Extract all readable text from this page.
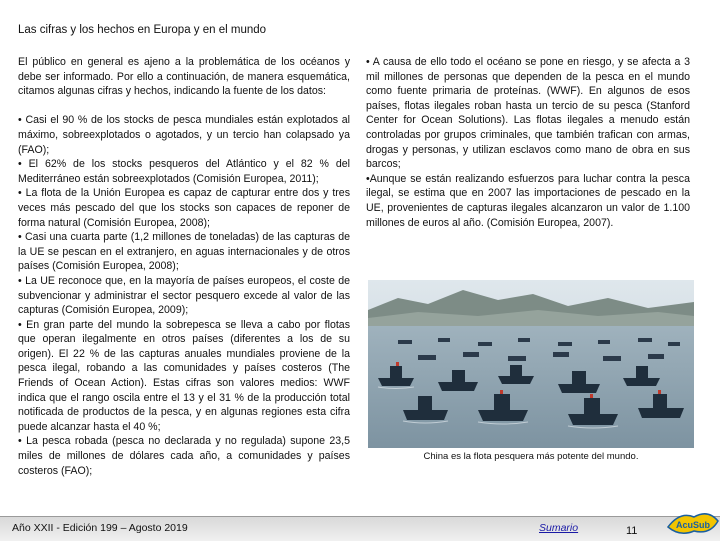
Las cifras y los hechos en Europa y en el mundo

El público en general es ajeno a la problemática de los océanos y debe ser informado. Por ello a continuación, de manera esquemática, citamos algunas cifras y hechos, indicando la fuente de los datos:

• Casi el 90 % de los stocks de pesca mundiales están explotados al máximo, sobreexplotados o agotados, y un tercio han colapsado ya (FAO);

• El 62% de los stocks pesqueros del Atlántico y el 82 % del Mediterráneo están sobreexplotados (Comisión Europea, 2011);

• La flota de la Unión Europea es capaz de capturar entre dos y tres veces más pescado del que los stocks son capaces de reponer de forma natural (Comisión Europea, 2008);

• Casi una cuarta parte (1,2 millones de toneladas) de las capturas de la UE se pescan en el extranjero, en aguas internacionales y de otros países (Comisión Europea, 2008);

• La UE reconoce que, en la mayoría de países europeos, el coste de subvencionar y administrar el sector pesquero excede al valor de las capturas (Comisión Europea, 2009);

• En gran parte del mundo la sobrepesca se lleva a cabo por flotas que operan ilegalmente en otros países (diferentes a los de su origen). El 22 % de las capturas anuales mundiales proviene de la pesca ilegal, robando a las comunidades y países costeros (The Friends of Ocean Action). Estas cifras son valores medios: WWF indica que el rango oscila entre el 13 y el 31 % de la producción total notificada de productos de la pesca, y en algunas regiones esta cifra puede alcanzar hasta el 40 %;

• La pesca robada (pesca no declarada y no regulada) supone 23,5 miles de millones de dólares cada año, a comunidades y países costeros (FAO);

• A causa de ello todo el océano se pone en riesgo, y se afecta a 3 mil millones de personas que dependen de la pesca en el mundo como fuente primaria de proteínas. (WWF). En algunos de esos países, flotas ilegales roban hasta un tercio de su pesca (Stanford Center for Ocean Solutions). Las flotas ilegales a menudo están controladas por grupos criminales, que también trafican con armas, drogas y personas, y utilizan esclavos como mano de obra en sus barcos;

•Aunque se están realizando esfuerzos para luchar contra la pesca ilegal, se estima que en 2007 las importaciones de pescado en la UE, provenientes de capturas ilegales alcanzaron un valor de 1.100 millones de euros al año. (Comisión Europea, 2007).

China es la flota pesquera más potente del mundo.
Año XXII - Edición 199 – Agosto 2019	Sumario	11	AcuSub
